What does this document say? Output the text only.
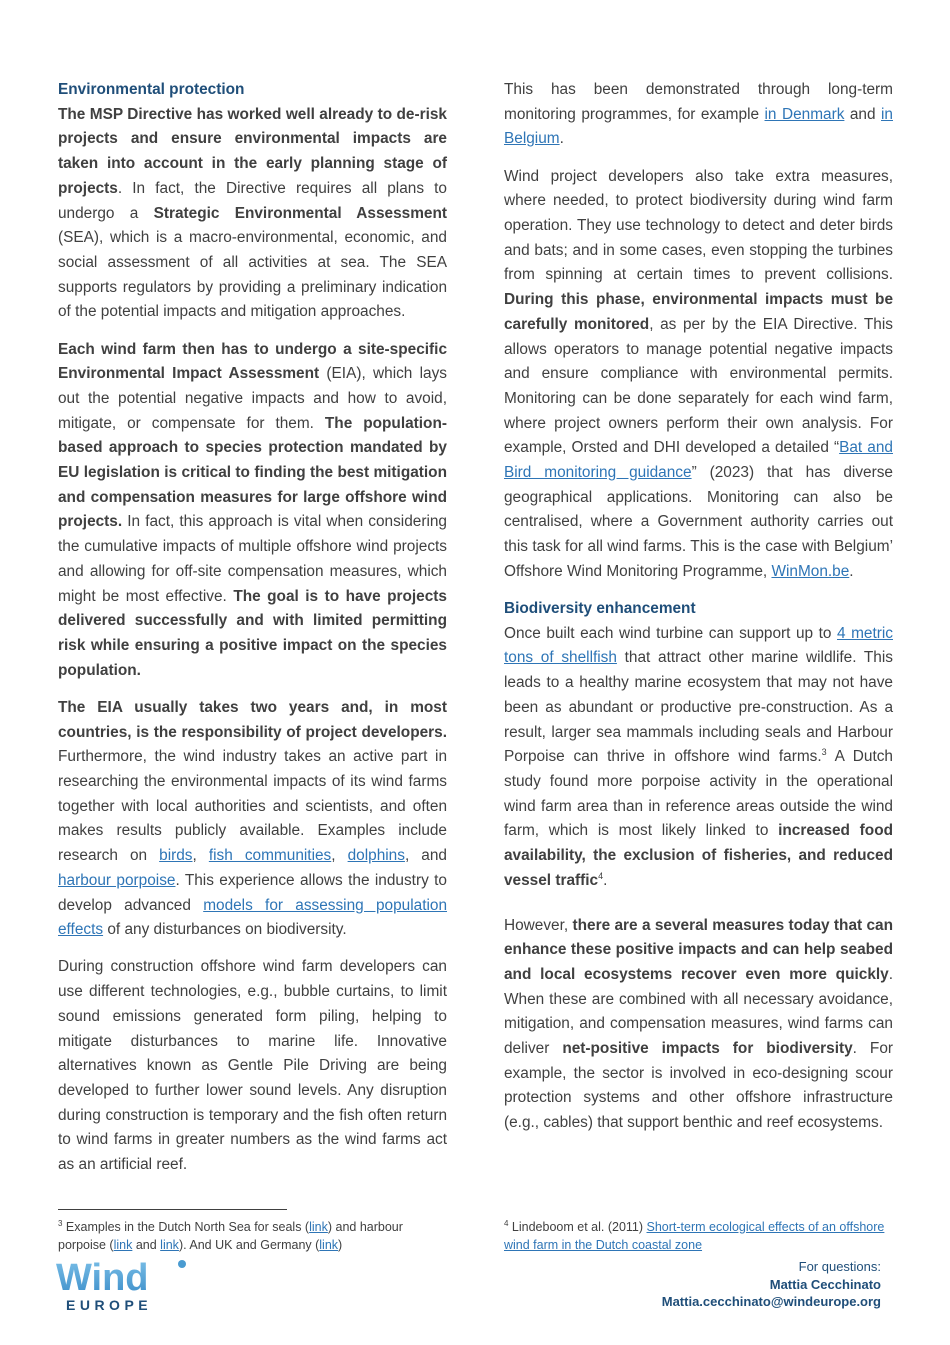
Environmental protection

The MSP Directive has worked well already to de-risk projects and ensure environmental impacts are taken into account in the early planning stage of projects. In fact, the Directive requires all plans to undergo a Strategic Environmental Assessment (SEA), which is a macro-environmental, economic, and social assessment of all activities at sea. The SEA supports regulators by providing a preliminary indication of the potential impacts and mitigation approaches.

Each wind farm then has to undergo a site-specific Environmental Impact Assessment (EIA), which lays out the potential negative impacts and how to avoid, mitigate, or compensate for them. The population-based approach to species protection mandated by EU legislation is critical to finding the best mitigation and compensation measures for large offshore wind projects. In fact, this approach is vital when considering the cumulative impacts of multiple offshore wind projects and allowing for off-site compensation measures, which might be most effective. The goal is to have projects delivered successfully and with limited permitting risk while ensuring a positive impact on the species population.

The EIA usually takes two years and, in most countries, is the responsibility of project developers. Furthermore, the wind industry takes an active part in researching the environmental impacts of its wind farms together with local authorities and scientists, and often makes results publicly available. Examples include research on birds, fish communities, dolphins, and harbour porpoise. This experience allows the industry to develop advanced models for assessing population effects of any disturbances on biodiversity.

During construction offshore wind farm developers can use different technologies, e.g., bubble curtains, to limit sound emissions generated form piling, helping to mitigate disturbances to marine life. Innovative alternatives known as Gentle Pile Driving are being developed to further lower sound levels. Any disruption during construction is temporary and the fish often return to wind farms in greater numbers as the wind farms act as an artificial reef.

This has been demonstrated through long-term monitoring programmes, for example in Denmark and in Belgium.

Wind project developers also take extra measures, where needed, to protect biodiversity during wind farm operation. They use technology to detect and deter birds and bats; and in some cases, even stopping the turbines from spinning at certain times to prevent collisions. During this phase, environmental impacts must be carefully monitored, as per by the EIA Directive. This allows operators to manage potential negative impacts and ensure compliance with environmental permits. Monitoring can be done separately for each wind farm, where project owners perform their own analysis. For example, Orsted and DHI developed a detailed “Bat and Bird monitoring guidance” (2023) that has diverse geographical applications. Monitoring can also be centralised, where a Government authority carries out this task for all wind farms. This is the case with Belgium’ Offshore Wind Monitoring Programme, WinMon.be.

Biodiversity enhancement

Once built each wind turbine can support up to 4 metric tons of shellfish that attract other marine wildlife. This leads to a healthy marine ecosystem that may not have been as abundant or productive pre-construction. As a result, larger sea mammals including seals and Harbour Porpoise can thrive in offshore wind farms.$^3$ A Dutch study found more porpoise activity in the operational wind farm area than in reference areas outside the wind farm, which is most likely linked to increased food availability, the exclusion of fisheries, and reduced vessel traffic$^4$.

However, there are a several measures today that can enhance these positive impacts and can help seabed and local ecosystems recover even more quickly. When these are combined with all necessary avoidance, mitigation, and compensation measures, wind farms can deliver net-positive impacts for biodiversity. For example, the sector is involved in eco-designing scour protection systems and other offshore infrastructure (e.g., cables) that support benthic and reef ecosystems.

$^3$ Examples in the Dutch North Sea for seals (link) and harbour porpoise (link and link). And UK and Germany (link)
$^4$ Lindeboom et al. (2011) Short-term ecological effects of an offshore wind farm in the Dutch coastal zone
Wind
EUROPE
For questions:
Mattia Cecchinato
Mattia.cecchinato@windeurope.org
